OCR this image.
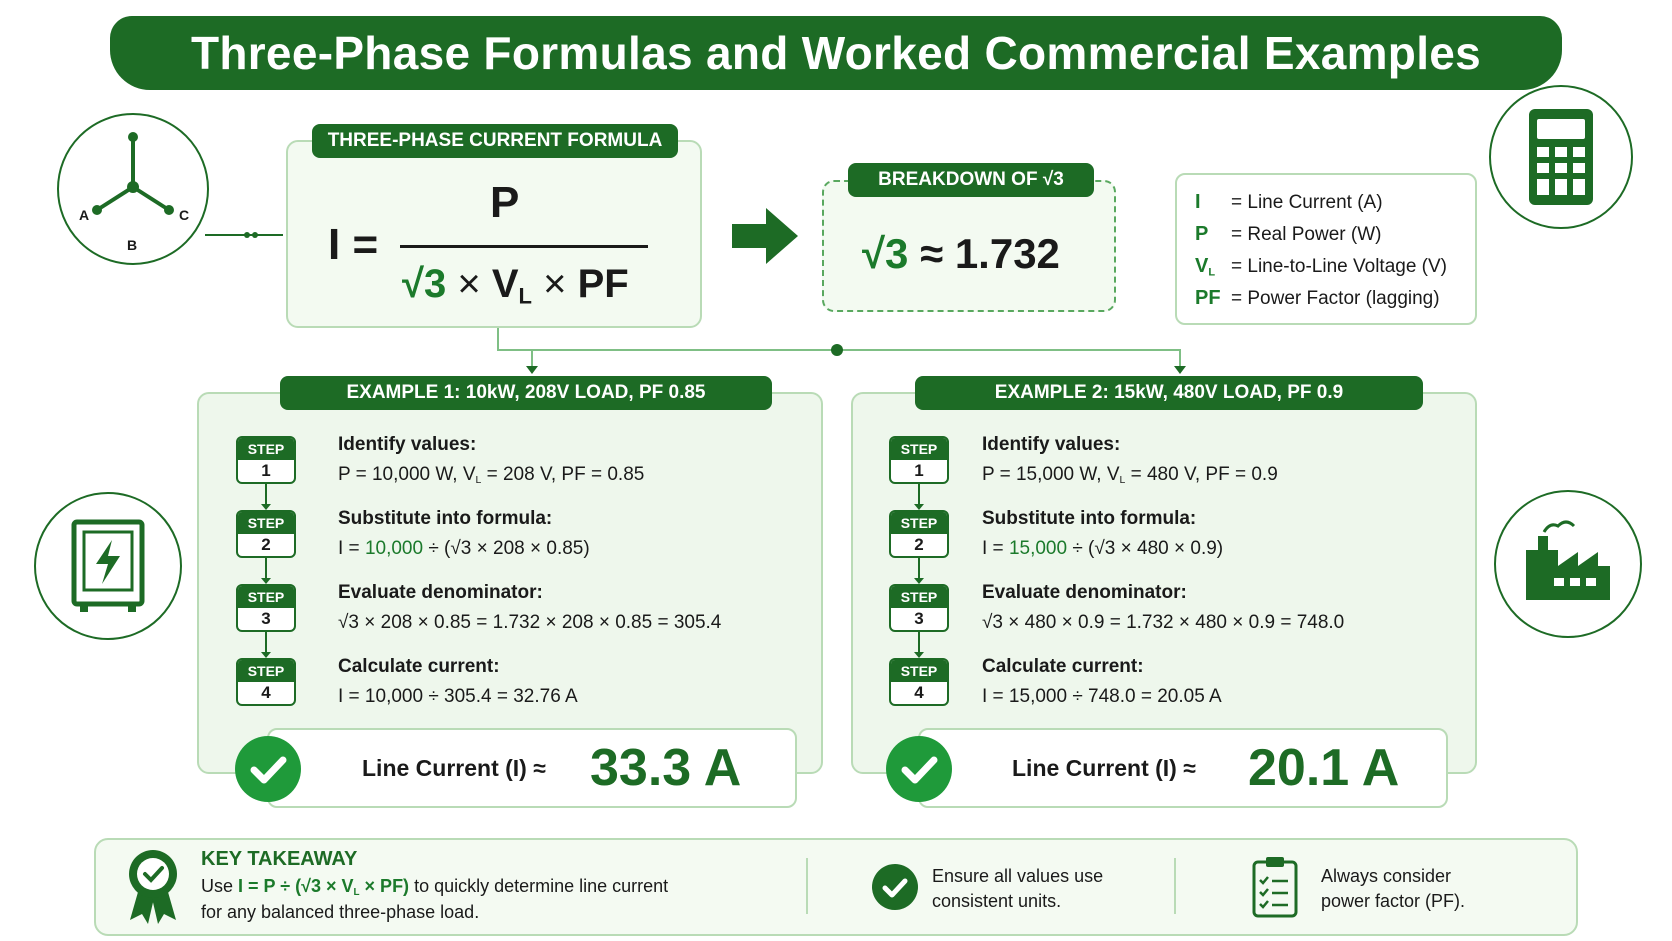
Three-Phase Formulas and Worked Commercial Examples
A
B
C
THREE-PHASE CURRENT FORMULA
I =
P
$√3 \times V_L$ × PF
BREAKDOWN OF √3
√3 ≈ 1.732
I = Line Current (A)
P = Real Power (W)
$V_L$ = Line-to-Line Voltage (V)
PF = Power Factor (lagging)
EXAMPLE 1: 10kW, 208V LOAD, PF 0.85
STEP
1
STEP
2
STEP
3
STEP
4
Identify values:
P = 10,000 W, $V_L = 208$ V, PF = 0.85
Substitute into formula:
I = 10,000 ÷ (√3 × 208 × 0.85)
Evaluate denominator:
√3 × 208 × 0.85 = 1.732 × 208 × 0.85 = 305.4
Calculate current:
I = 10,000 ÷ 305.4 = 32.76 A
Line Current (I) ≈ 33.3 A
EXAMPLE 2: 15kW, 480V LOAD, PF 0.9
STEP
1
STEP
2
STEP
3
STEP
4
Identify values:
P = 15,000 W, $V_L = 480$ V, PF = 0.9
Substitute into formula:
I = 15,000 ÷ (√3 × 480 × 0.9)
Evaluate denominator:
√3 × 480 × 0.9 = 1.732 × 480 × 0.9 = 748.0
Calculate current:
I = 15,000 ÷ 748.0 = 20.05 A
Line Current (I) ≈ 20.1 A
KEY TAKEAWAY
Use $I = P \div (√3 \times V_L \times PF)$ to quickly determine line current
for any balanced three-phase load.
Ensure all values use
consistent units.
Always consider
power factor (PF).
